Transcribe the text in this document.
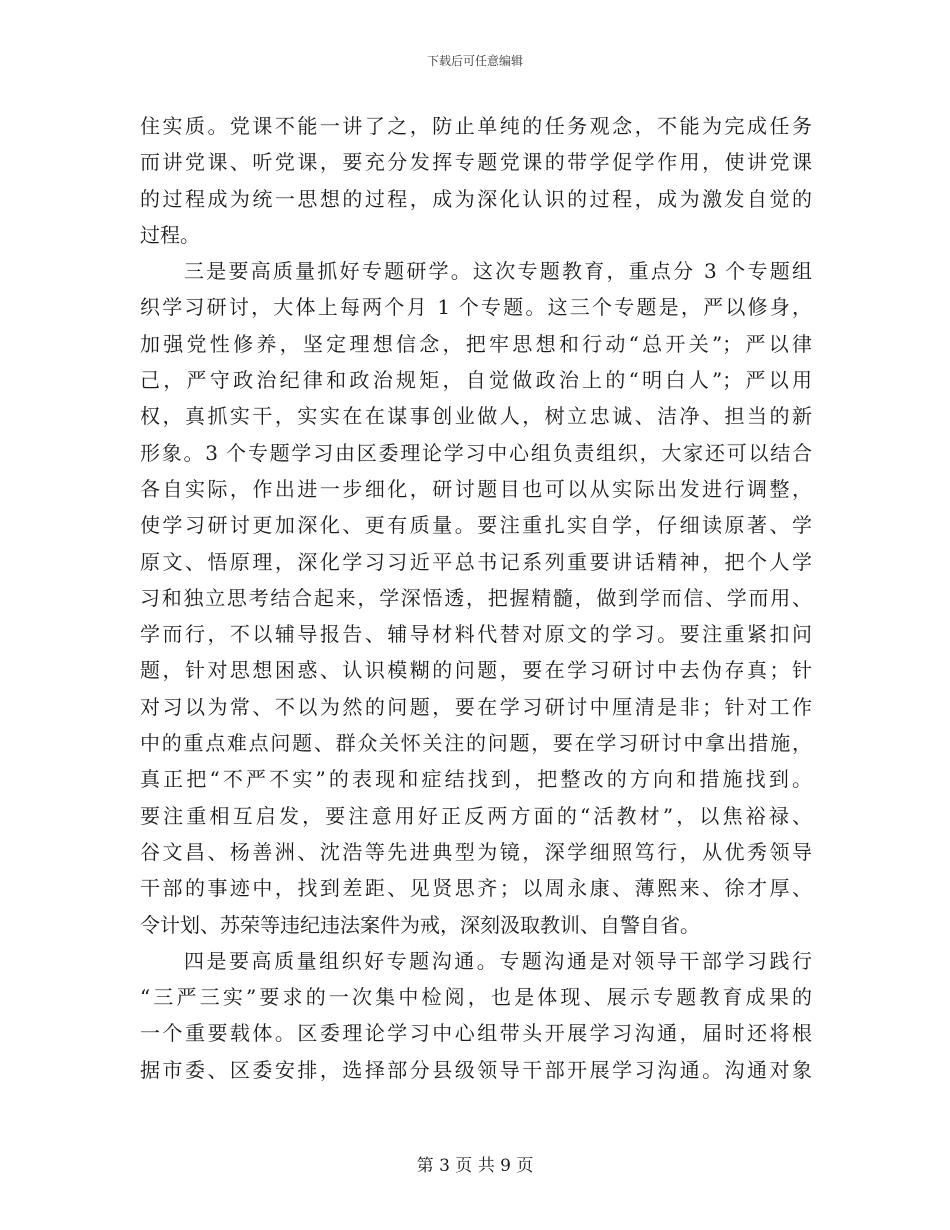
下载后可任意编辑
住实质。党课不能一讲了之，防止单纯的任务观念，不能为完成任务
而讲党课、听党课，要充分发挥专题党课的带学促学作用，使讲党课
的过程成为统一思想的过程，成为深化认识的过程，成为激发自觉的
过程。
三是要高质量抓好专题研学。这次专题教育，重点分 3 个专题组
织学习研讨，大体上每两个月 1 个专题。这三个专题是，严以修身，
加强党性修养，坚定理想信念，把牢思想和行动“总开关”；严以律
己，严守政治纪律和政治规矩，自觉做政治上的“明白人”；严以用
权，真抓实干，实实在在谋事创业做人，树立忠诚、洁净、担当的新
形象。3 个专题学习由区委理论学习中心组负责组织，大家还可以结合
各自实际，作出进一步细化，研讨题目也可以从实际出发进行调整，
使学习研讨更加深化、更有质量。要注重扎实自学，仔细读原著、学
原文、悟原理，深化学习习近平总书记系列重要讲话精神，把个人学
习和独立思考结合起来，学深悟透，把握精髓，做到学而信、学而用、
学而行，不以辅导报告、辅导材料代替对原文的学习。要注重紧扣问
题，针对思想困惑、认识模糊的问题，要在学习研讨中去伪存真；针
对习以为常、不以为然的问题，要在学习研讨中厘清是非；针对工作
中的重点难点问题、群众关怀关注的问题，要在学习研讨中拿出措施，
真正把“不严不实”的表现和症结找到，把整改的方向和措施找到。
要注重相互启发，要注意用好正反两方面的“活教材”，以焦裕禄、
谷文昌、杨善洲、沈浩等先进典型为镜，深学细照笃行，从优秀领导
干部的事迹中，找到差距、见贤思齐；以周永康、薄熙来、徐才厚、
令计划、苏荣等违纪违法案件为戒，深刻汲取教训、自警自省。
四是要高质量组织好专题沟通。专题沟通是对领导干部学习践行
“三严三实”要求的一次集中检阅，也是体现、展示专题教育成果的
一个重要载体。区委理论学习中心组带头开展学习沟通，届时还将根
据市委、区委安排，选择部分县级领导干部开展学习沟通。沟通对象
第 3 页 共 9 页
